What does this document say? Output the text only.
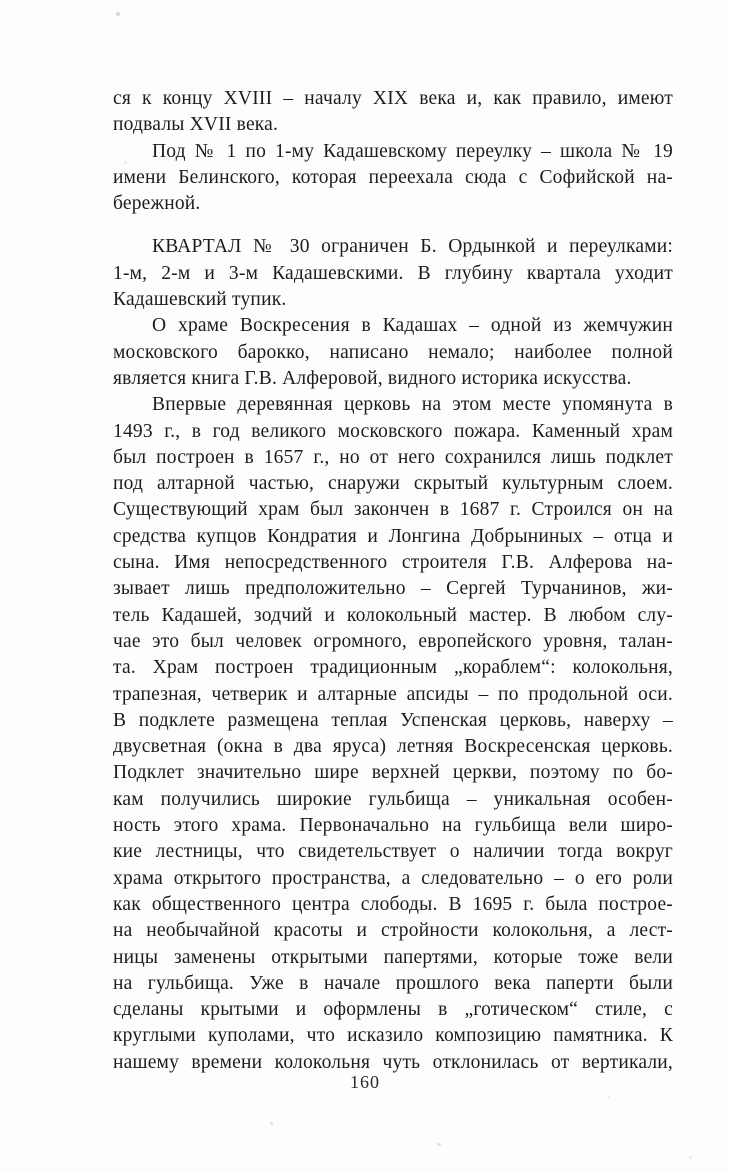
ся к концу XVIII – началу XIX века и, как правило, имеют
подвалы XVII века.
Под № 1 по 1-му Кадашевскому переулку – школа № 19
имени Белинского, которая переехала сюда с Софийской на-
бережной.
КВАРТАЛ № 30 ограничен Б. Ордынкой и переулками:
1-м, 2-м и 3-м Кадашевскими. В глубину квартала уходит
Кадашевский тупик.
О храме Воскресения в Кадашах – одной из жемчужин
московского барокко, написано немало; наиболее полной
является книга Г.В. Алферовой, видного историка искусства.
Впервые деревянная церковь на этом месте упомянута в
1493 г., в год великого московского пожара. Каменный храм
был построен в 1657 г., но от него сохранился лишь подклет
под алтарной частью, снаружи скрытый культурным слоем.
Существующий храм был закончен в 1687 г. Строился он на
средства купцов Кондратия и Лонгина Добрыниных – отца и
сына. Имя непосредственного строителя Г.В. Алферова на-
зывает лишь предположительно – Сергей Турчанинов, жи-
тель Кадашей, зодчий и колокольный мастер. В любом слу-
чае это был человек огромного, европейского уровня, талан-
та. Храм построен традиционным „кораблем“: колокольня,
трапезная, четверик и алтарные апсиды – по продольной оси.
В подклете размещена теплая Успенская церковь, наверху –
двусветная (окна в два яруса) летняя Воскресенская церковь.
Подклет значительно шире верхней церкви, поэтому по бо-
кам получились широкие гульбища – уникальная особен-
ность этого храма. Первоначально на гульбища вели широ-
кие лестницы, что свидетельствует о наличии тогда вокруг
храма открытого пространства, а следовательно – о его роли
как общественного центра слободы. В 1695 г. была построе-
на необычайной красоты и стройности колокольня, а лест-
ницы заменены открытыми папертями, которые тоже вели
на гульбища. Уже в начале прошлого века паперти были
сделаны крытыми и оформлены в „готическом“ стиле, с
круглыми куполами, что исказило композицию памятника. К
нашему времени колокольня чуть отклонилась от вертикали,
160
